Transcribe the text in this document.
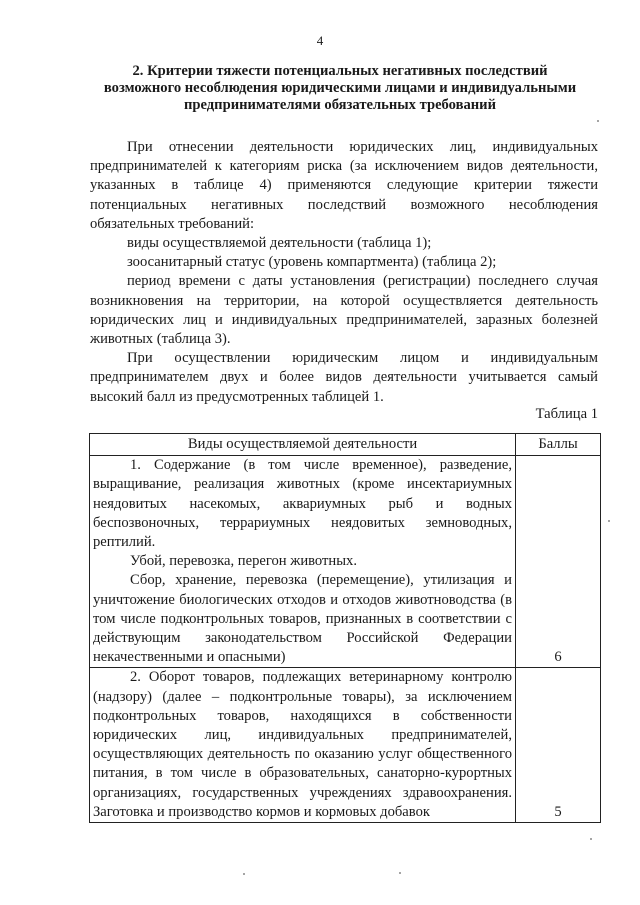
4
2. Критерии тяжести потенциальных негативных последствий
возможного несоблюдения юридическими лицами и индивидуальными
предпринимателями обязательных требований

При отнесении деятельности юридических лиц, индивидуальных предпринимателей к категориям риска (за исключением видов деятельности, указанных в таблице 4) применяются следующие критерии тяжести потенциальных негативных последствий возможного несоблюдения обязательных требований:

виды осуществляемой деятельности (таблица 1);

зоосанитарный статус (уровень компартмента) (таблица 2);

период времени с даты установления (регистрации) последнего случая возникновения на территории, на которой осуществляется деятельность юридических лиц и индивидуальных предпринимателей, заразных болезней животных (таблица 3).

При осуществлении юридическим лицом и индивидуальным предпринимателем двух и более видов деятельности учитывается самый высокий балл из предусмотренных таблицей 1.

Таблица 1
Виды осуществляемой деятельности	Баллы

1. Содержание (в том числе временное), разведение, выращивание, реализация животных (кроме инсектариумных неядовитых насекомых, аквариумных рыб и водных беспозвоночных, террариумных неядовитых земноводных, рептилий.

Убой, перевозка, перегон животных.

Сбор, хранение, перевозка (перемещение), утилизация и уничтожение биологических отходов и отходов животноводства (в том числе подконтрольных товаров, признанных в соответствии с действующим законодательством Российской Федерации некачественными и опасными)	6

2. Оборот товаров, подлежащих ветеринарному контролю (надзору) (далее – подконтрольные товары), за исключением подконтрольных товаров, находящихся в собственности юридических лиц, индивидуальных предпринимателей, осуществляющих деятельность по оказанию услуг общественного питания, в том числе в образовательных, санаторно-курортных организациях, государственных учреждениях здравоохранения. Заготовка и производство кормов и кормовых добавок	5
